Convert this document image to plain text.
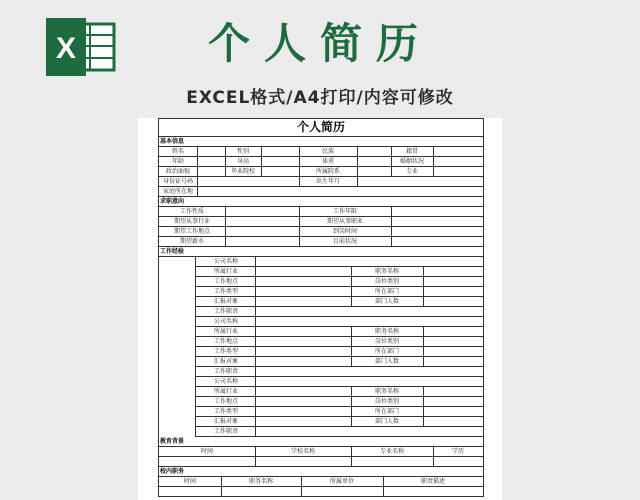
X	个人简历
EXCEL格式/A4打印/内容可修改
个人简历
基本信息
姓名	性别	民族	籍贯
年龄	身高	体重	婚姻状况
政治面貌	毕业院校	所属院系	专业
身份证号码	出生年月
家庭所在地
求职意向
工作性质	工作年限
期望从事行业	期望从事职业
期望工作地点	到岗时间
期望薪水	目前状况
工作经验
公司名称
所属行业	职务名称
工作地点	岗位类别
工作类型	所在部门
汇报对象	部门人数
工作职责
公司名称
所属行业	职务名称
工作地点	岗位类别
工作类型	所在部门
汇报对象	部门人数
工作职责
公司名称
所属行业	职务名称
工作地点	岗位类别
工作类型	所在部门
汇报对象	部门人数
工作职责
教育背景
时间	学校名称	专业名称	学历
校内职务
时间	职务名称	所属单位	职责描述
